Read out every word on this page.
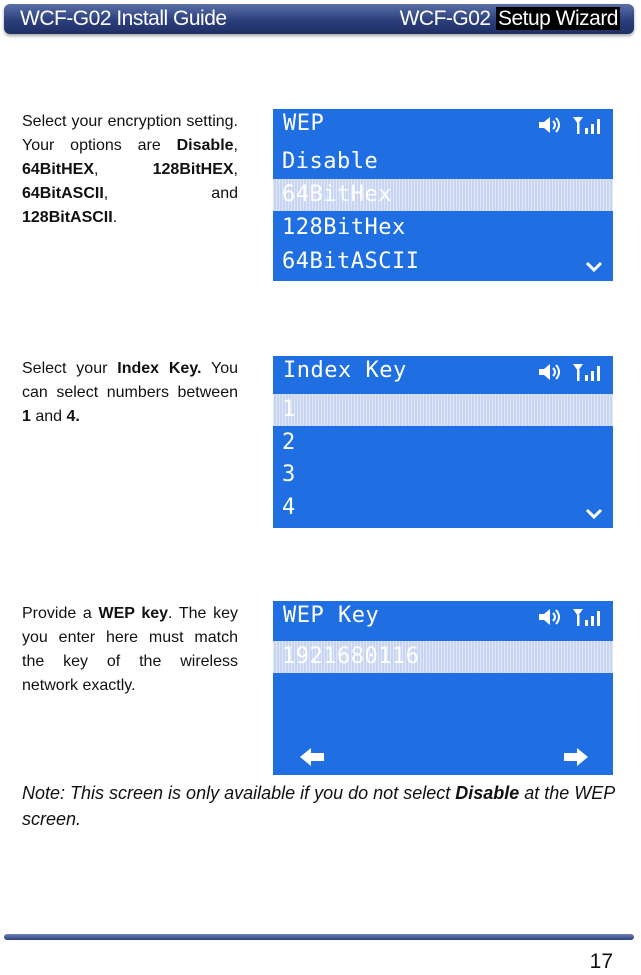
WCF-G02 Install Guide	WCF-G02 Setup Wizard
Select your encryption setting. Your options are Disable, 64BitHEX, 128BitHEX, 64BitASCII, and 128BitASCII.
WEP
Disable
64BitHex
128BitHex
64BitASCII
Select your Index Key. You can select numbers between 1 and 4.
Index Key
1
2
3
4
Provide a WEP key. The key you enter here must match the key of the wireless network exactly.
WEP Key
1921680116
Note: This screen is only available if you do not select Disable at the WEP screen.
17
